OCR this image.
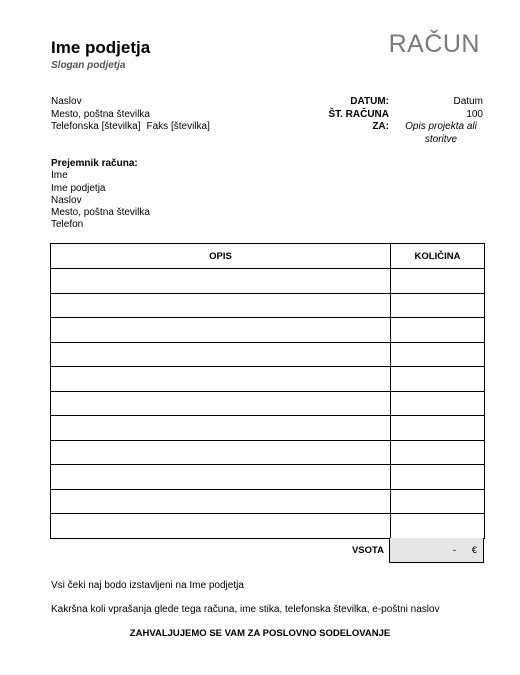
Ime podjetja
Slogan podjetja
RAČUN
Naslov
Mesto, poštna številka
Telefonska [številka] Faks [številka]
DATUM:	Datum
ŠT. RAČUNA	100
ZA:	Opis projekta ali storitve
Prejemnik računa:
Ime
Ime podjetja
Naslov
Mesto, poštna številka
Telefon
OPIS	KOLIČINA

VSOTA	- €
Vsi čeki naj bodo izstavljeni na Ime podjetja
Kakršna koli vprašanja glede tega računa, ime stika, telefonska številka, e-poštni naslov
ZAHVALJUJEMO SE VAM ZA POSLOVNO SODELOVANJE
